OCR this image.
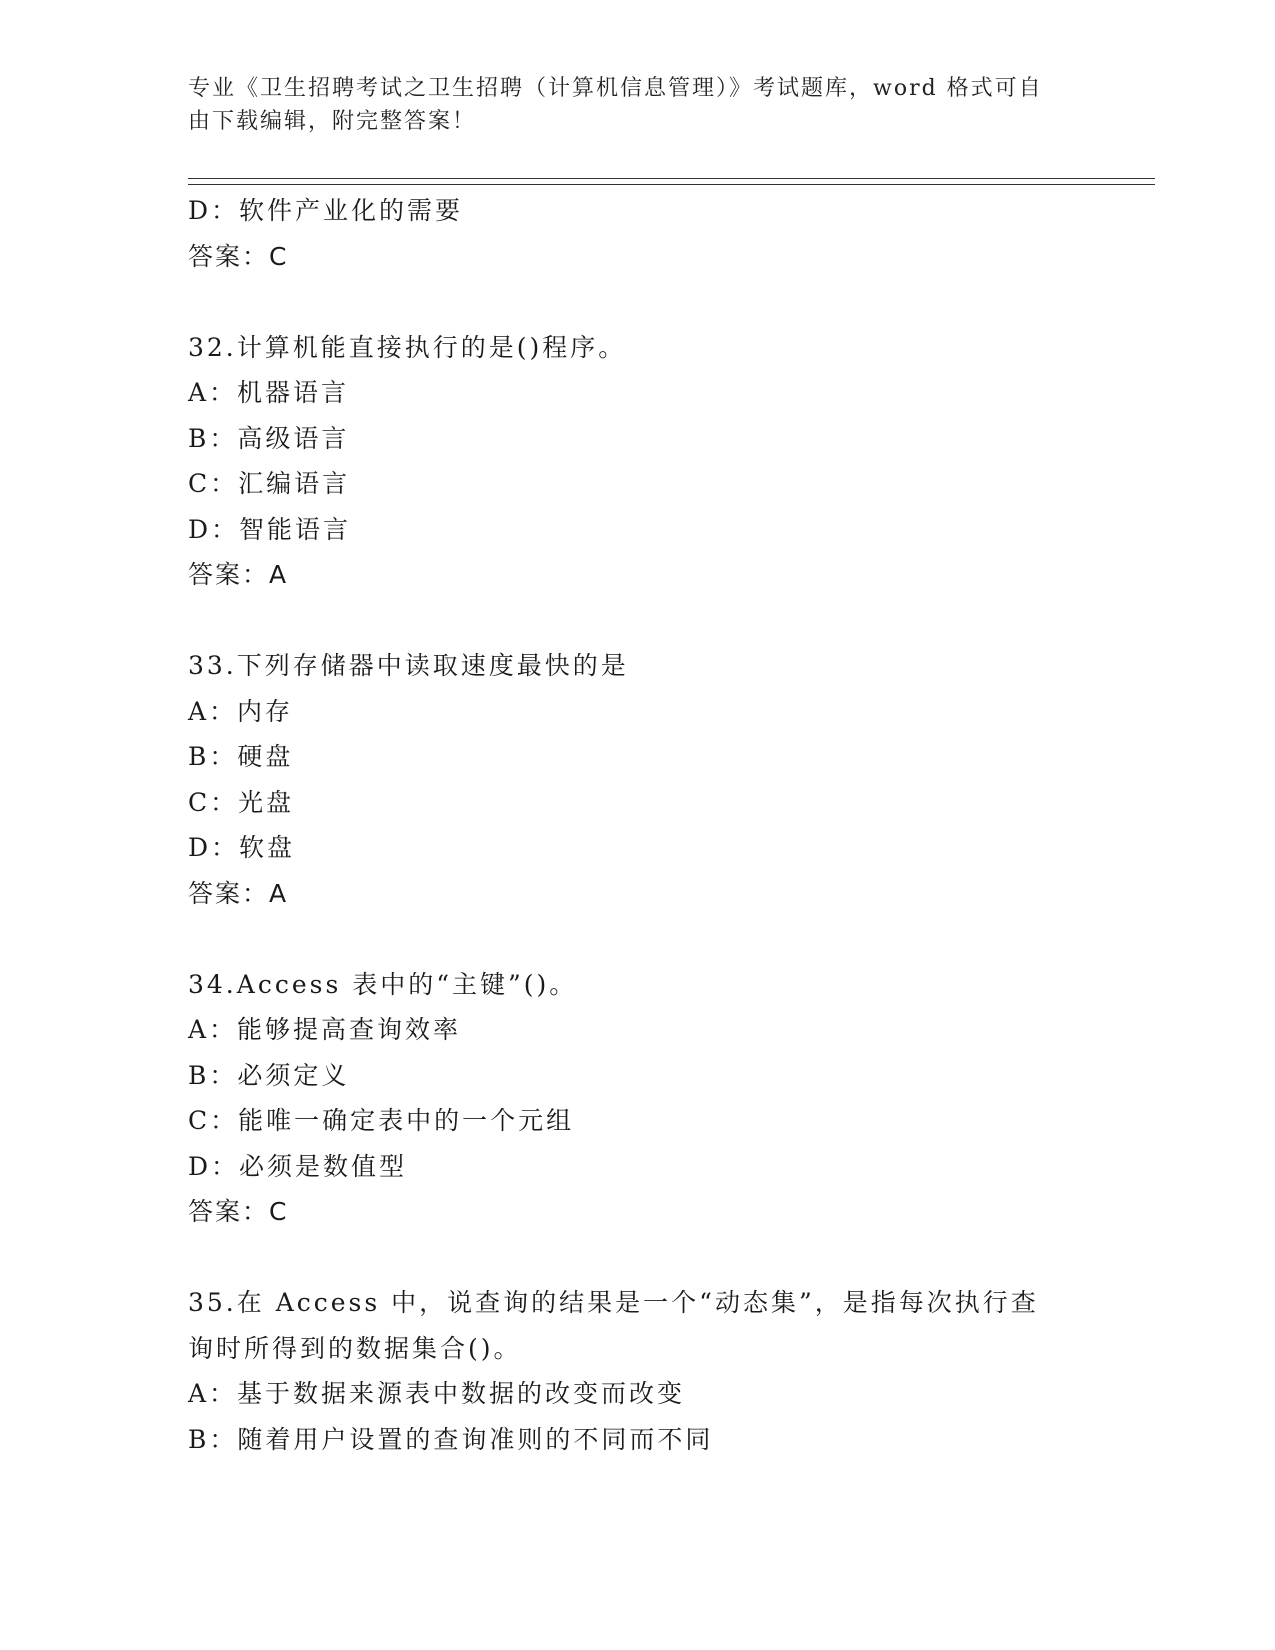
专业《卫生招聘考试之卫生招聘（计算机信息管理）》考试题库，word 格式可自
由下载编辑，附完整答案！
D：软件产业化的需要
答案：C
32.计算机能直接执行的是()程序。
A：机器语言
B：高级语言
C：汇编语言
D：智能语言
答案：A
33.下列存储器中读取速度最快的是
A：内存
B：硬盘
C：光盘
D：软盘
答案：A
34.Access 表中的“主键”()。
A：能够提高查询效率
B：必须定义
C：能唯一确定表中的一个元组
D：必须是数值型
答案：C
35.在 Access 中，说查询的结果是一个“动态集”，是指每次执行查
询时所得到的数据集合()。
A：基于数据来源表中数据的改变而改变
B：随着用户设置的查询准则的不同而不同
